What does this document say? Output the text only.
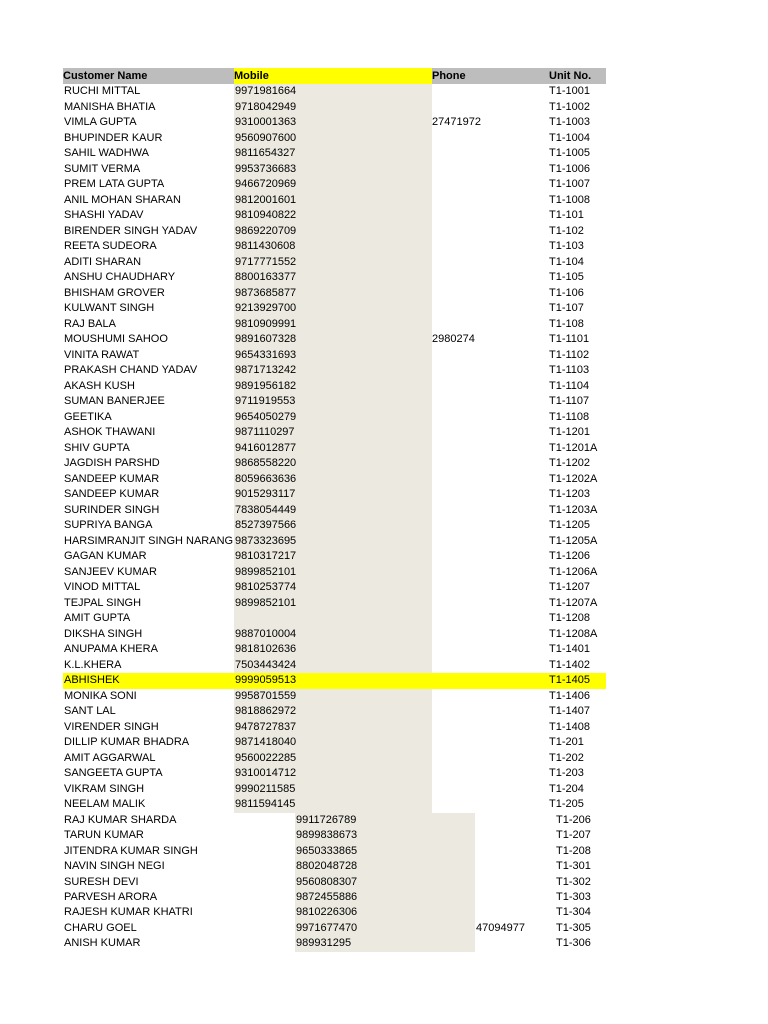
Customer Name	Mobile	Phone	Unit No.
RUCHI MITTAL	9971981664	T1-1001
MANISHA BHATIA	9718042949	T1-1002
VIMLA GUPTA	9310001363	27471972	T1-1003
BHUPINDER KAUR	9560907600	T1-1004
SAHIL WADHWA	9811654327	T1-1005
SUMIT VERMA	9953736683	T1-1006
PREM LATA GUPTA	9466720969	T1-1007
ANIL MOHAN SHARAN	9812001601	T1-1008
SHASHI YADAV	9810940822	T1-101
BIRENDER SINGH YADAV	9869220709	T1-102
REETA SUDEORA	9811430608	T1-103
ADITI SHARAN	9717771552	T1-104
ANSHU CHAUDHARY	8800163377	T1-105
BHISHAM GROVER	9873685877	T1-106
KULWANT SINGH	9213929700	T1-107
RAJ BALA	9810909991	T1-108
MOUSHUMI SAHOO	9891607328	2980274	T1-1101
VINITA RAWAT	9654331693	T1-1102
PRAKASH CHAND YADAV	9871713242	T1-1103
AKASH KUSH	9891956182	T1-1104
SUMAN BANERJEE	9711919553	T1-1107
GEETIKA	9654050279	T1-1108
ASHOK THAWANI	9871110297	T1-1201
SHIV GUPTA	9416012877	T1-1201A
JAGDISH PARSHD	9868558220	T1-1202
SANDEEP KUMAR	8059663636	T1-1202A
SANDEEP KUMAR	9015293117	T1-1203
SURINDER SINGH	7838054449	T1-1203A
SUPRIYA BANGA	8527397566	T1-1205
HARSIMRANJIT SINGH NARANG 9873323695	T1-1205A
GAGAN KUMAR	9810317217	T1-1206
SANJEEV KUMAR	9899852101	T1-1206A
VINOD MITTAL	9810253774	T1-1207
TEJPAL SINGH	9899852101	T1-1207A
AMIT GUPTA	T1-1208
DIKSHA SINGH	9887010004	T1-1208A
ANUPAMA KHERA	9818102636	T1-1401
K.L.KHERA	7503443424	T1-1402
ABHISHEK	9999059513	T1-1405
MONIKA SONI	9958701559	T1-1406
SANT LAL	9818862972	T1-1407
VIRENDER SINGH	9478727837	T1-1408
DILLIP KUMAR BHADRA	9871418040	T1-201
AMIT AGGARWAL	9560022285	T1-202
SANGEETA GUPTA	9310014712	T1-203
VIKRAM SINGH	9990211585	T1-204
NEELAM MALIK	9811594145	T1-205
RAJ KUMAR SHARDA	9911726789	T1-206
TARUN KUMAR	9899838673	T1-207
JITENDRA KUMAR SINGH	9650333865	T1-208
NAVIN SINGH NEGI	8802048728	T1-301
SURESH DEVI	9560808307	T1-302
PARVESH ARORA	9872455886	T1-303
RAJESH KUMAR KHATRI	9810226306	T1-304
CHARU GOEL	9971677470	47094977	T1-305
ANISH KUMAR	989931295	T1-306
